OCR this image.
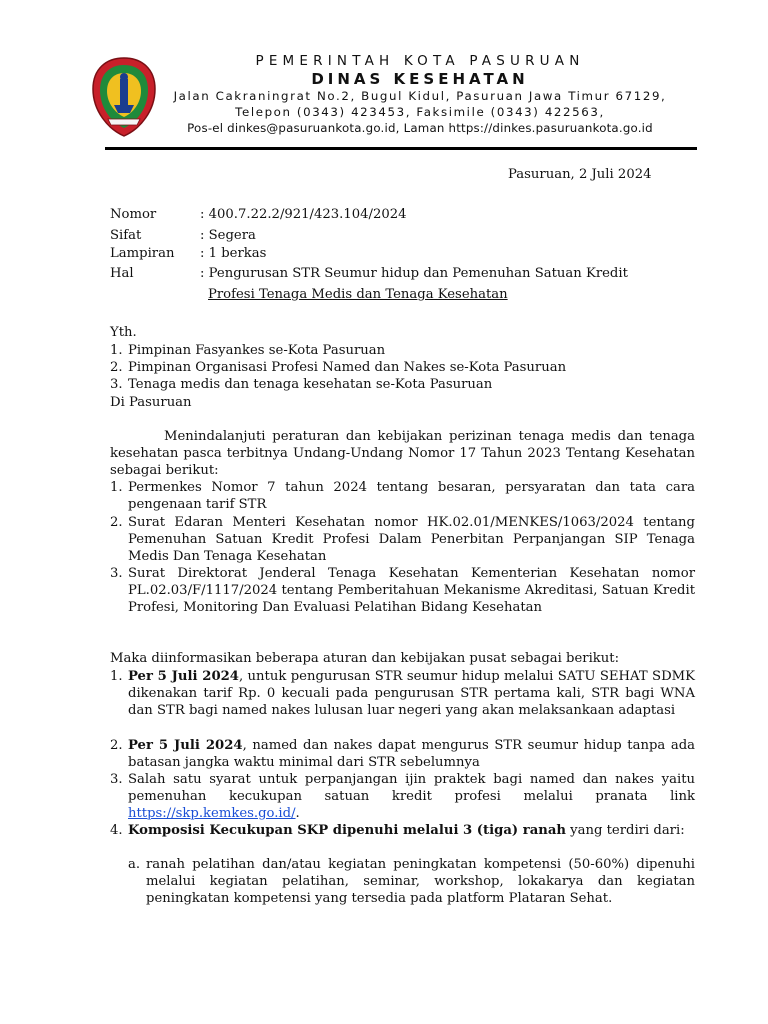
PEMERINTAH KOTA PASURUAN
DINAS KESEHATAN
Jalan Cakraningrat No.2, Bugul Kidul, Pasuruan Jawa Timur 67129,
Telepon (0343) 423453, Faksimile (0343) 422563,
Pos-el dinkes@pasuruankota.go.id, Laman https://dinkes.pasuruankota.go.id
Pasuruan, 2 Juli 2024
Nomor	: 400.7.22.2/921/423.104/2024
Sifat	: Segera
Lampiran : 1 berkas
Hal	: Pengurusan STR Seumur hidup dan Pemenuhan Satuan Kredit
Profesi Tenaga Medis dan Tenaga Kesehatan
Yth.
1. Pimpinan Fasyankes se-Kota Pasuruan
2. Pimpinan Organisasi Profesi Named dan Nakes se-Kota Pasuruan
3. Tenaga medis dan tenaga kesehatan se-Kota Pasuruan
Di Pasuruan
Menindalanjuti peraturan dan kebijakan perizinan tenaga medis dan tenaga kesehatan pasca terbitnya Undang-Undang Nomor 17 Tahun 2023 Tentang Kesehatan sebagai berikut:
1. Permenkes Nomor 7 tahun 2024 tentang besaran, persyaratan dan tata cara pengenaan tarif STR
2. Surat Edaran Menteri Kesehatan nomor HK.02.01/MENKES/1063/2024 tentang Pemenuhan Satuan Kredit Profesi Dalam Penerbitan Perpanjangan SIP Tenaga Medis Dan Tenaga Kesehatan
3. Surat Direktorat Jenderal Tenaga Kesehatan Kementerian Kesehatan nomor PL.02.03/F/1117/2024 tentang Pemberitahuan Mekanisme Akreditasi, Satuan Kredit Profesi, Monitoring Dan Evaluasi Pelatihan Bidang Kesehatan
Maka diinformasikan beberapa aturan dan kebijakan pusat sebagai berikut:
1. Per 5 Juli 2024, untuk pengurusan STR seumur hidup melalui SATU SEHAT SDMK dikenakan tarif Rp. 0 kecuali pada pengurusan STR pertama kali, STR bagi WNA dan STR bagi named nakes lulusan luar negeri yang akan melaksankaan adaptasi
2. Per 5 Juli 2024, named dan nakes dapat mengurus STR seumur hidup tanpa ada batasan jangka waktu minimal dari STR sebelumnya
3. Salah satu syarat untuk perpanjangan ijin praktek bagi named dan nakes yaitu pemenuhan kecukupan satuan kredit profesi melalui pranata link https://skp.kemkes.go.id/.
4. Komposisi Kecukupan SKP dipenuhi melalui 3 (tiga) ranah yang terdiri dari:
a. ranah pelatihan dan/atau kegiatan peningkatan kompetensi (50-60%) dipenuhi melalui kegiatan pelatihan, seminar, workshop, lokakarya dan kegiatan peningkatan kompetensi yang tersedia pada platform Plataran Sehat.
